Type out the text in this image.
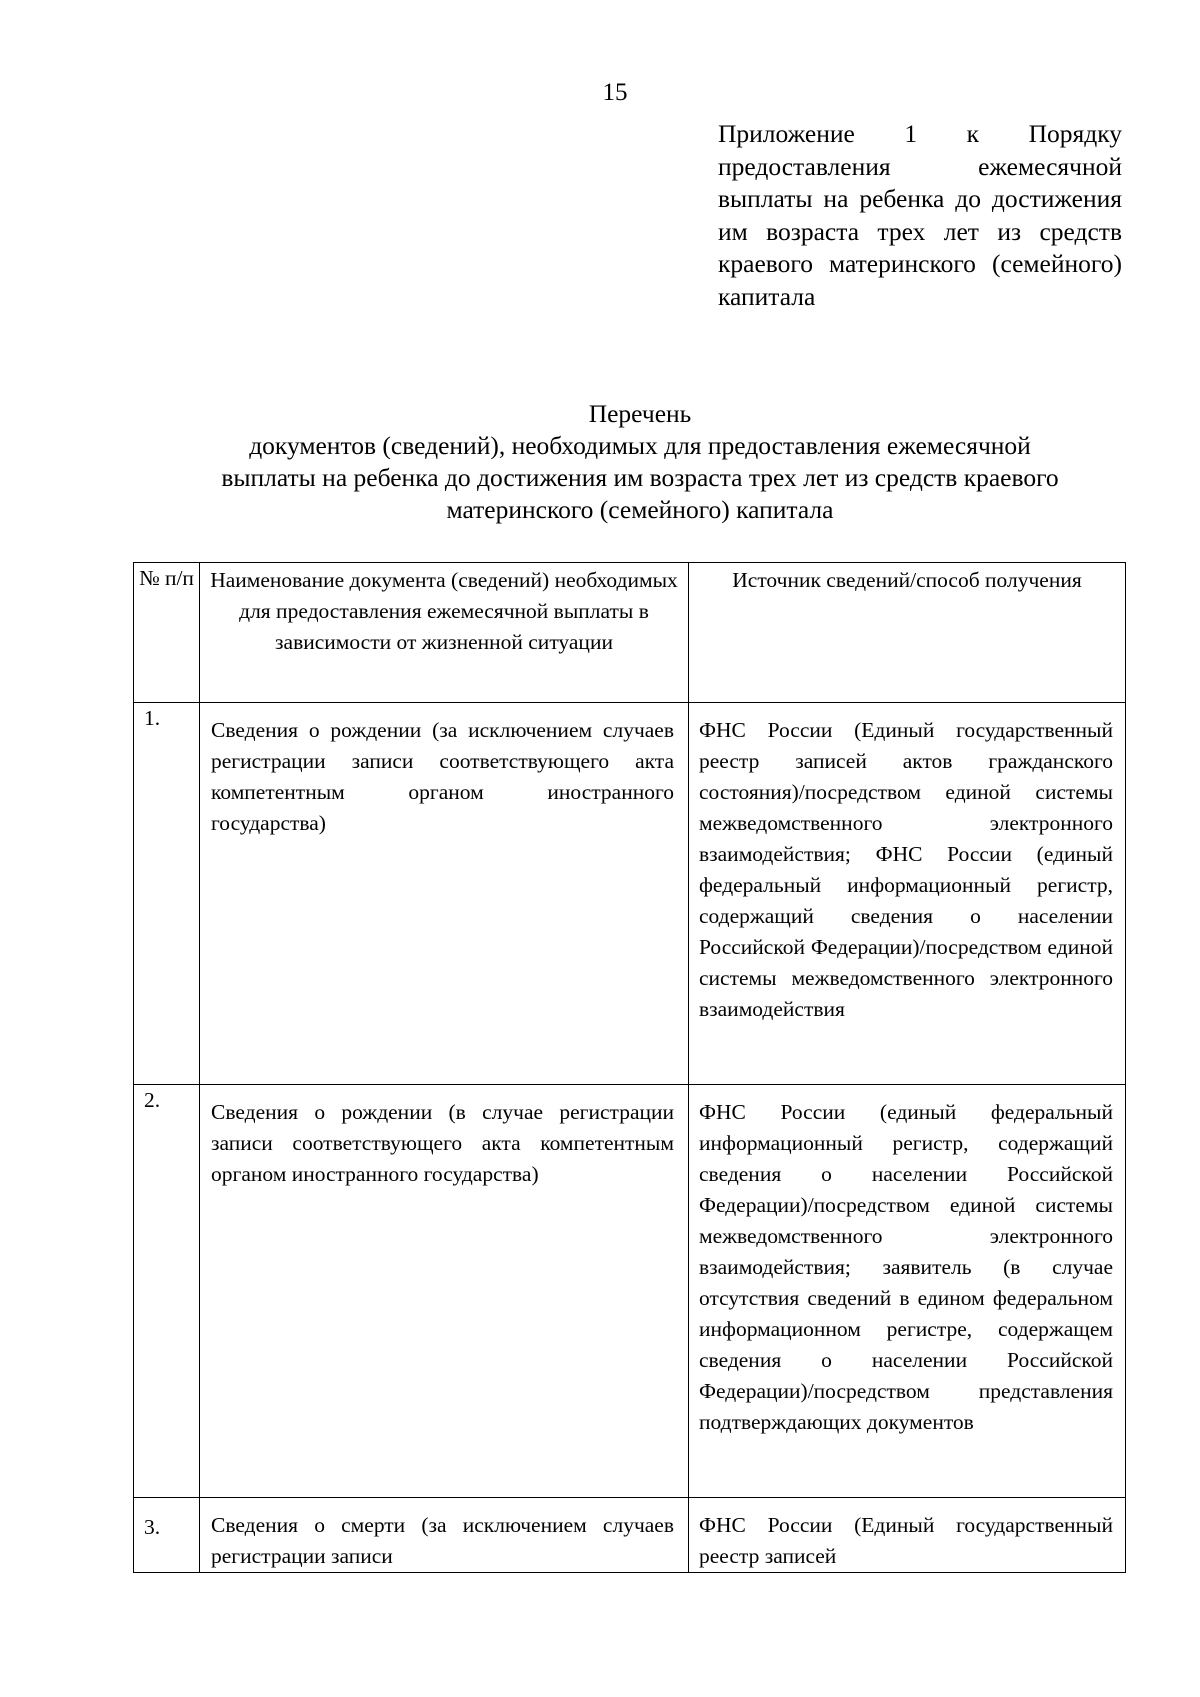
15
Приложение 1 к Порядку предоставления ежемесячной выплаты на ребенка до достижения им возраста трех лет из средств краевого материнского (семейного) капитала
Перечень
документов (сведений), необходимых для предоставления ежемесячной
выплаты на ребенка до достижения им возраста трех лет из средств краевого
материнского (семейного) капитала
№ п/п	Наименование документа (сведений) необходимых для предоставления ежемесячной выплаты в зависимости от жизненной ситуации	Источник сведений/способ получения
1.	Сведения о рождении (за исключением случаев регистрации записи соответствующего акта компетентным органом иностранного государства)	ФНС России (Единый государственный реестр записей актов гражданского состояния)/посредством единой системы межведомственного электронного взаимодействия; ФНС России (единый федеральный информационный регистр, содержащий сведения о населении Российской Федерации)/посредством единой системы межведомственного электронного взаимодействия
2.	Сведения о рождении (в случае регистрации записи соответствующего акта компетентным органом иностранного государства)	ФНС России (единый федеральный информационный регистр, содержащий сведения о населении Российской Федерации)/посредством единой системы межведомственного электронного взаимодействия; заявитель (в случае отсутствия сведений в едином федеральном информационном регистре, содержащем сведения о населении Российской Федерации)/посредством представления подтверждающих документов
3.	Сведения о смерти (за исключением случаев регистрации записи	ФНС России (Единый государственный реестр записей
